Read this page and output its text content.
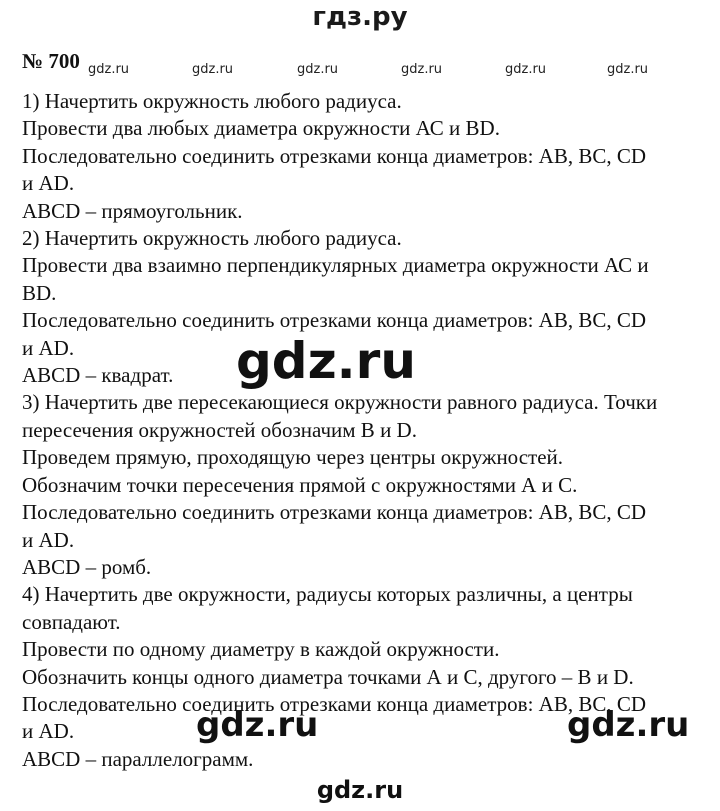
гдз.ру
№ 700 gdz.ru	gdz.ru	gdz.ru	gdz.ru	gdz.ru	gdz.ru
1) Начертить окружность любого радиуса.
Провести два любых диаметра окружности АС и BD.
Последовательно соединить отрезками конца диаметров: АВ, ВС, CD
и AD.
ABCD – прямоугольник.
2) Начертить окружность любого радиуса.
Провести два взаимно перпендикулярных диаметра окружности АС и
BD.
Последовательно соединить отрезками конца диаметров: АВ, ВС, CD
и AD.
ABCD – квадрат.
3) Начертить две пересекающиеся окружности равного радиуса. Точки
пересечения окружностей обозначим В и D.
Проведем прямую, проходящую через центры окружностей.
Обозначим точки пересечения прямой с окружностями А и С.
Последовательно соединить отрезками конца диаметров: АВ, ВС, CD
и AD.
ABCD – ромб.
4) Начертить две окружности, радиусы которых различны, а центры
совпадают.
Провести по одному диаметру в каждой окружности.
Обозначить концы одного диаметра точками А и С, другого – В и D.
Последовательно соединить отрезками конца диаметров: АВ, ВС, CD
и AD.
ABCD – параллелограмм.
gdz.ru
gdz.ru	gdz.ru
gdz.ru
